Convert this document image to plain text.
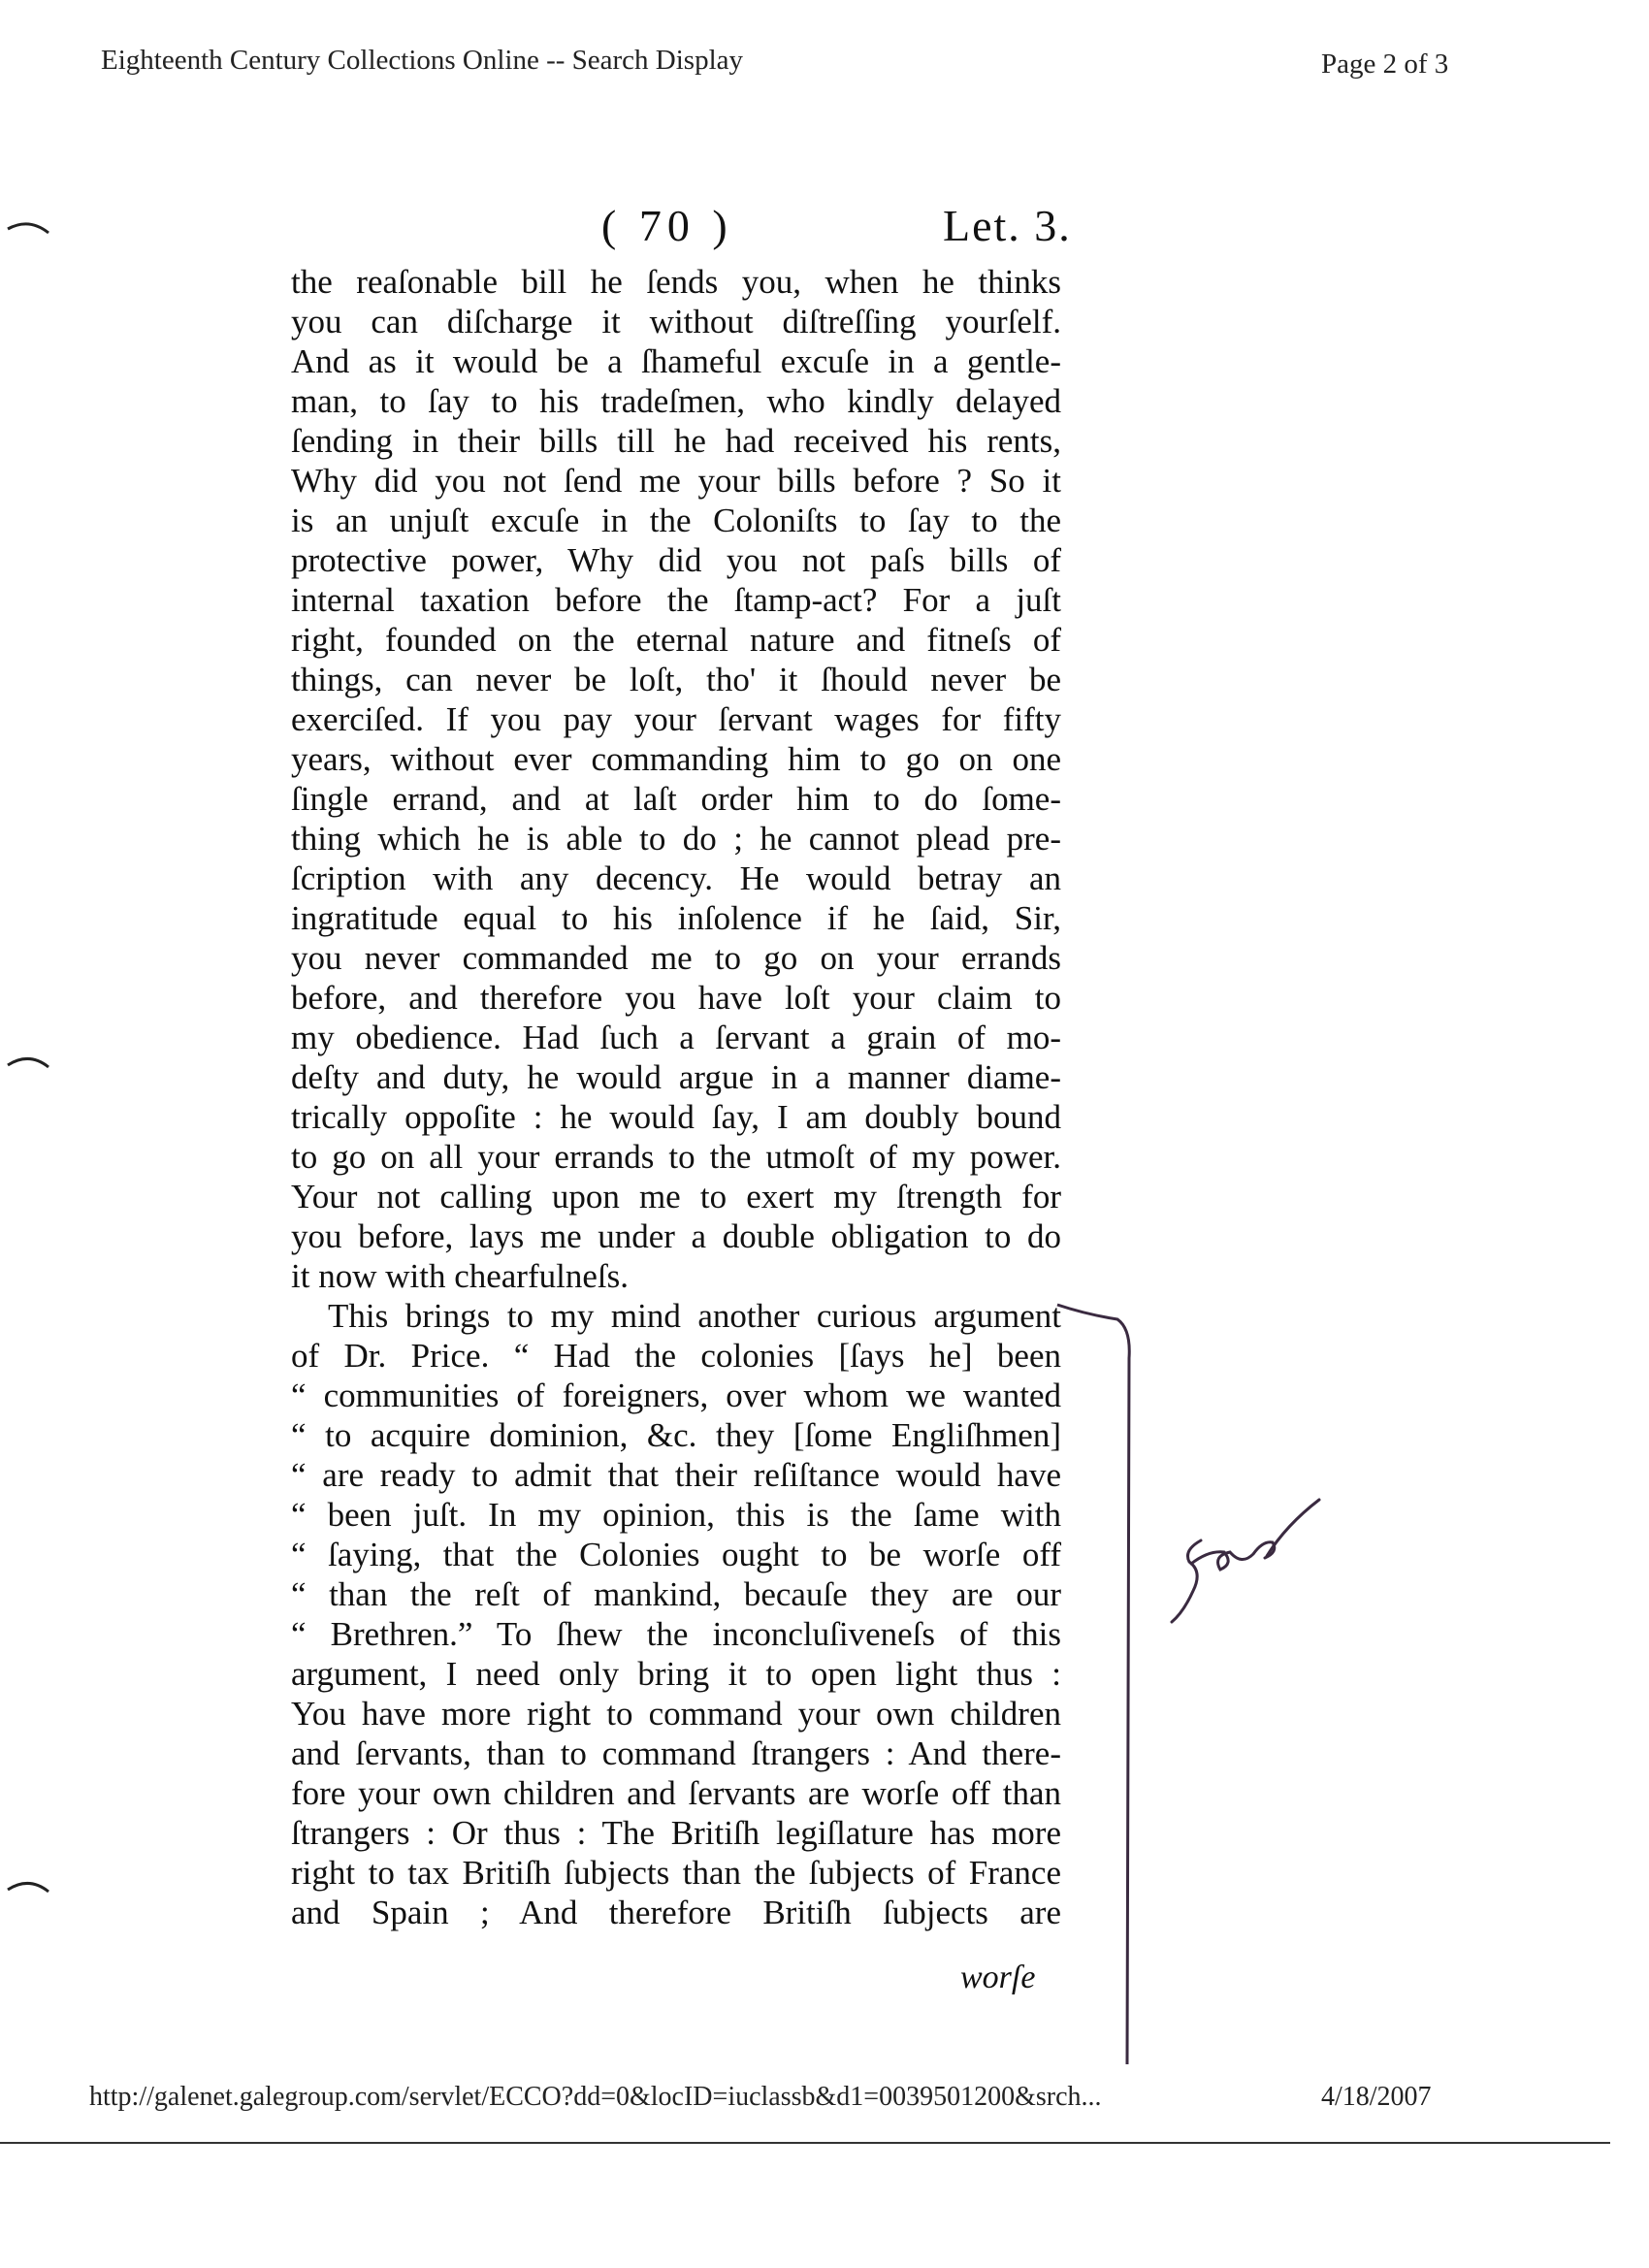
Eighteenth Century Collections Online -- Search Display	Page 2 of 3
( 70 )	Let. 3.
the reaſonable bill he ſends you, when he thinks
you can diſcharge it without diſtreſſing yourſelf.
And as it would be a ſhameful excuſe in a gentle-
man, to ſay to his tradeſmen, who kindly delayed
ſending in their bills till he had received his rents,
Why did you not ſend me your bills before ? So it
is an unjuſt excuſe in the Coloniſts to ſay to the
protective power, Why did you not paſs bills of
internal taxation before the ſtamp-act? For a juſt
right, founded on the eternal nature and fitneſs of
things, can never be loſt, tho' it ſhould never be
exerciſed. If you pay your ſervant wages for fifty
years, without ever commanding him to go on one
ſingle errand, and at laſt order him to do ſome-
thing which he is able to do ; he cannot plead pre-
ſcription with any decency. He would betray an
ingratitude equal to his inſolence if he ſaid, Sir,
you never commanded me to go on your errands
before, and therefore you have loſt your claim to
my obedience. Had ſuch a ſervant a grain of mo-
deſty and duty, he would argue in a manner diame-
trically oppoſite : he would ſay, I am doubly bound
to go on all your errands to the utmoſt of my power.
Your not calling upon me to exert my ſtrength for
you before, lays me under a double obligation to do
it now with chearfulneſs.
This brings to my mind another curious argument
of Dr. Price. “ Had the colonies [ſays he] been
“ communities of foreigners, over whom we wanted
“ to acquire dominion, &c. they [ſome Engliſhmen]
“ are ready to admit that their reſiſtance would have
“ been juſt. In my opinion, this is the ſame with
“ ſaying, that the Colonies ought to be worſe off
“ than the reſt of mankind, becauſe they are our
“ Brethren.” To ſhew the inconcluſiveneſs of this
argument, I need only bring it to open light thus :
You have more right to command your own children
and ſervants, than to command ſtrangers : And there-
fore your own children and ſervants are worſe off than
ſtrangers : Or thus : The Britiſh legiſlature has more
right to tax Britiſh ſubjects than the ſubjects of France
and Spain ; And therefore Britiſh ſubjects are
worſe
http://galenet.galegroup.com/servlet/ECCO?dd=0&locID=iuclassb&d1=0039501200&srch...	4/18/2007
